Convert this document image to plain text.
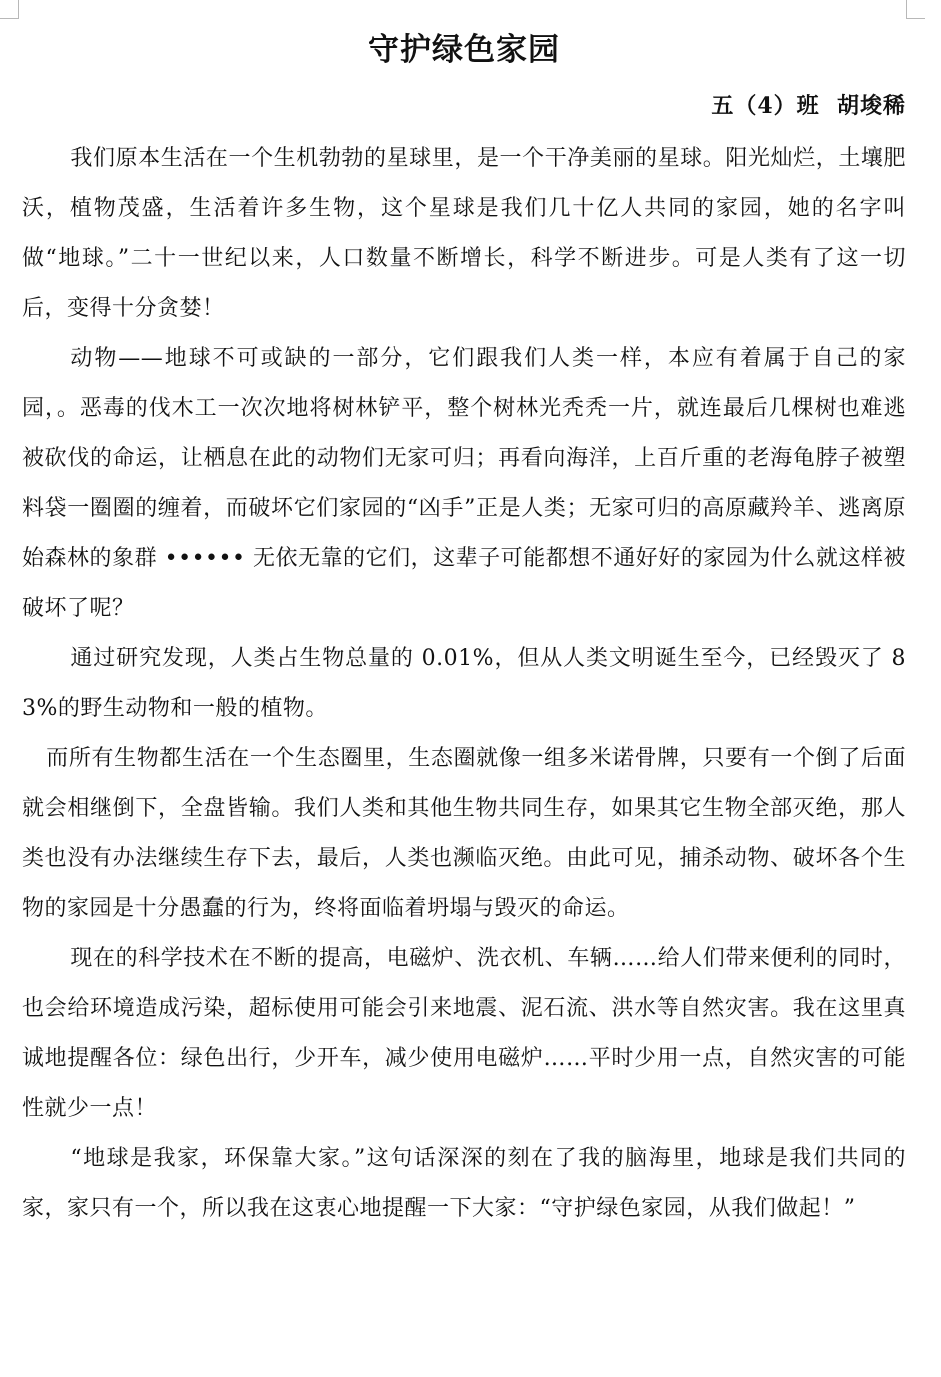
守护绿色家园
五（4）班  胡埈稀

我们原本生活在一个生机勃勃的星球里，是一个干净美丽的星球。阳光灿烂，土壤肥沃，植物茂盛，生活着许多生物，这个星球是我们几十亿人共同的家园，她的名字叫做“地球。”二十一世纪以来，人口数量不断增长，科学不断进步。可是人类有了这一切后，变得十分贪婪！

动物——地球不可或缺的一部分，它们跟我们人类一样，本应有着属于自己的家园，。恶毒的伐木工一次次地将树林铲平，整个树林光秃秃一片，就连最后几棵树也难逃被砍伐的命运，让栖息在此的动物们无家可归；再看向海洋，上百斤重的老海龟脖子被塑料袋一圈圈的缠着，而破坏它们家园的“凶手”正是人类；无家可归的高原藏羚羊、逃离原始森林的象群 •••••• 无依无靠的它们，这辈子可能都想不通好好的家园为什么就这样被破坏了呢？

通过研究发现，人类占生物总量的 0.01%，但从人类文明诞生至今，已经毁灭了 83%的野生动物和一般的植物。

而所有生物都生活在一个生态圈里，生态圈就像一组多米诺骨牌，只要有一个倒了后面就会相继倒下，全盘皆输。我们人类和其他生物共同生存，如果其它生物全部灭绝，那人类也没有办法继续生存下去，最后，人类也濒临灭绝。由此可见，捕杀动物、破坏各个生物的家园是十分愚蠢的行为，终将面临着坍塌与毁灭的命运。

现在的科学技术在不断的提高，电磁炉、洗衣机、车辆……给人们带来便利的同时，也会给环境造成污染，超标使用可能会引来地震、泥石流、洪水等自然灾害。我在这里真诚地提醒各位：绿色出行，少开车，减少使用电磁炉……平时少用一点，自然灾害的可能性就少一点！

“地球是我家，环保靠大家。”这句话深深的刻在了我的脑海里，地球是我们共同的家，家只有一个，所以我在这衷心地提醒一下大家：“守护绿色家园，从我们做起！”
